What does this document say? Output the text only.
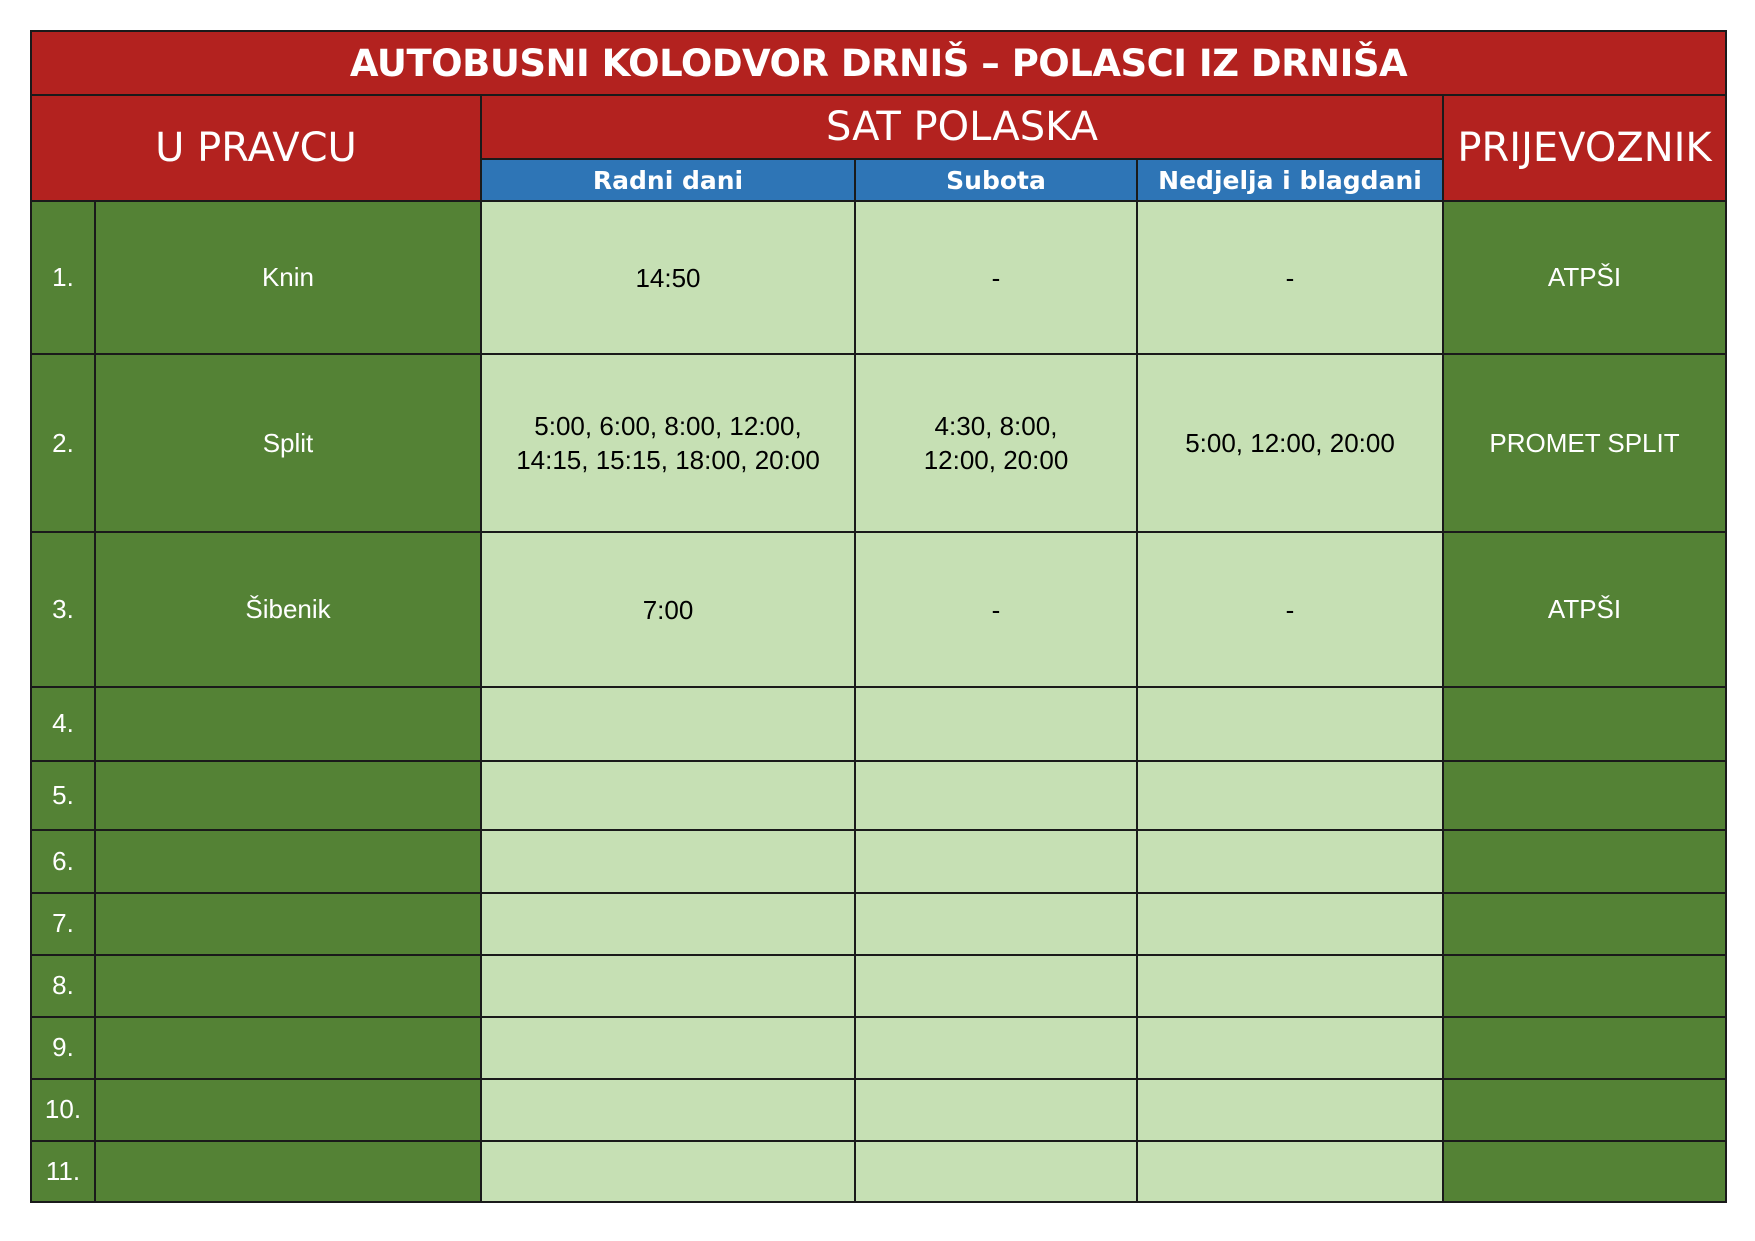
AUTOBUSNI KOLODVOR DRNIŠ – POLASCI IZ DRNIŠA					
U PRAVCU		SAT POLASKA			PRIJEVOZNIK
		Radni dani	Subota	Nedjelja i blagdani	
1.	Knin	14:50	-	-	ATPŠI
2.	Split	5:00, 6:00, 8:00, 12:00, 14:15, 15:15, 18:00, 20:00	4:30, 8:00, 12:00, 20:00	5:00, 12:00, 20:00	PROMET SPLIT
3.	Šibenik	7:00	-	-	ATPŠI
4.					
5.					
6.					
7.					
8.					
9.					
10.					
11.					
